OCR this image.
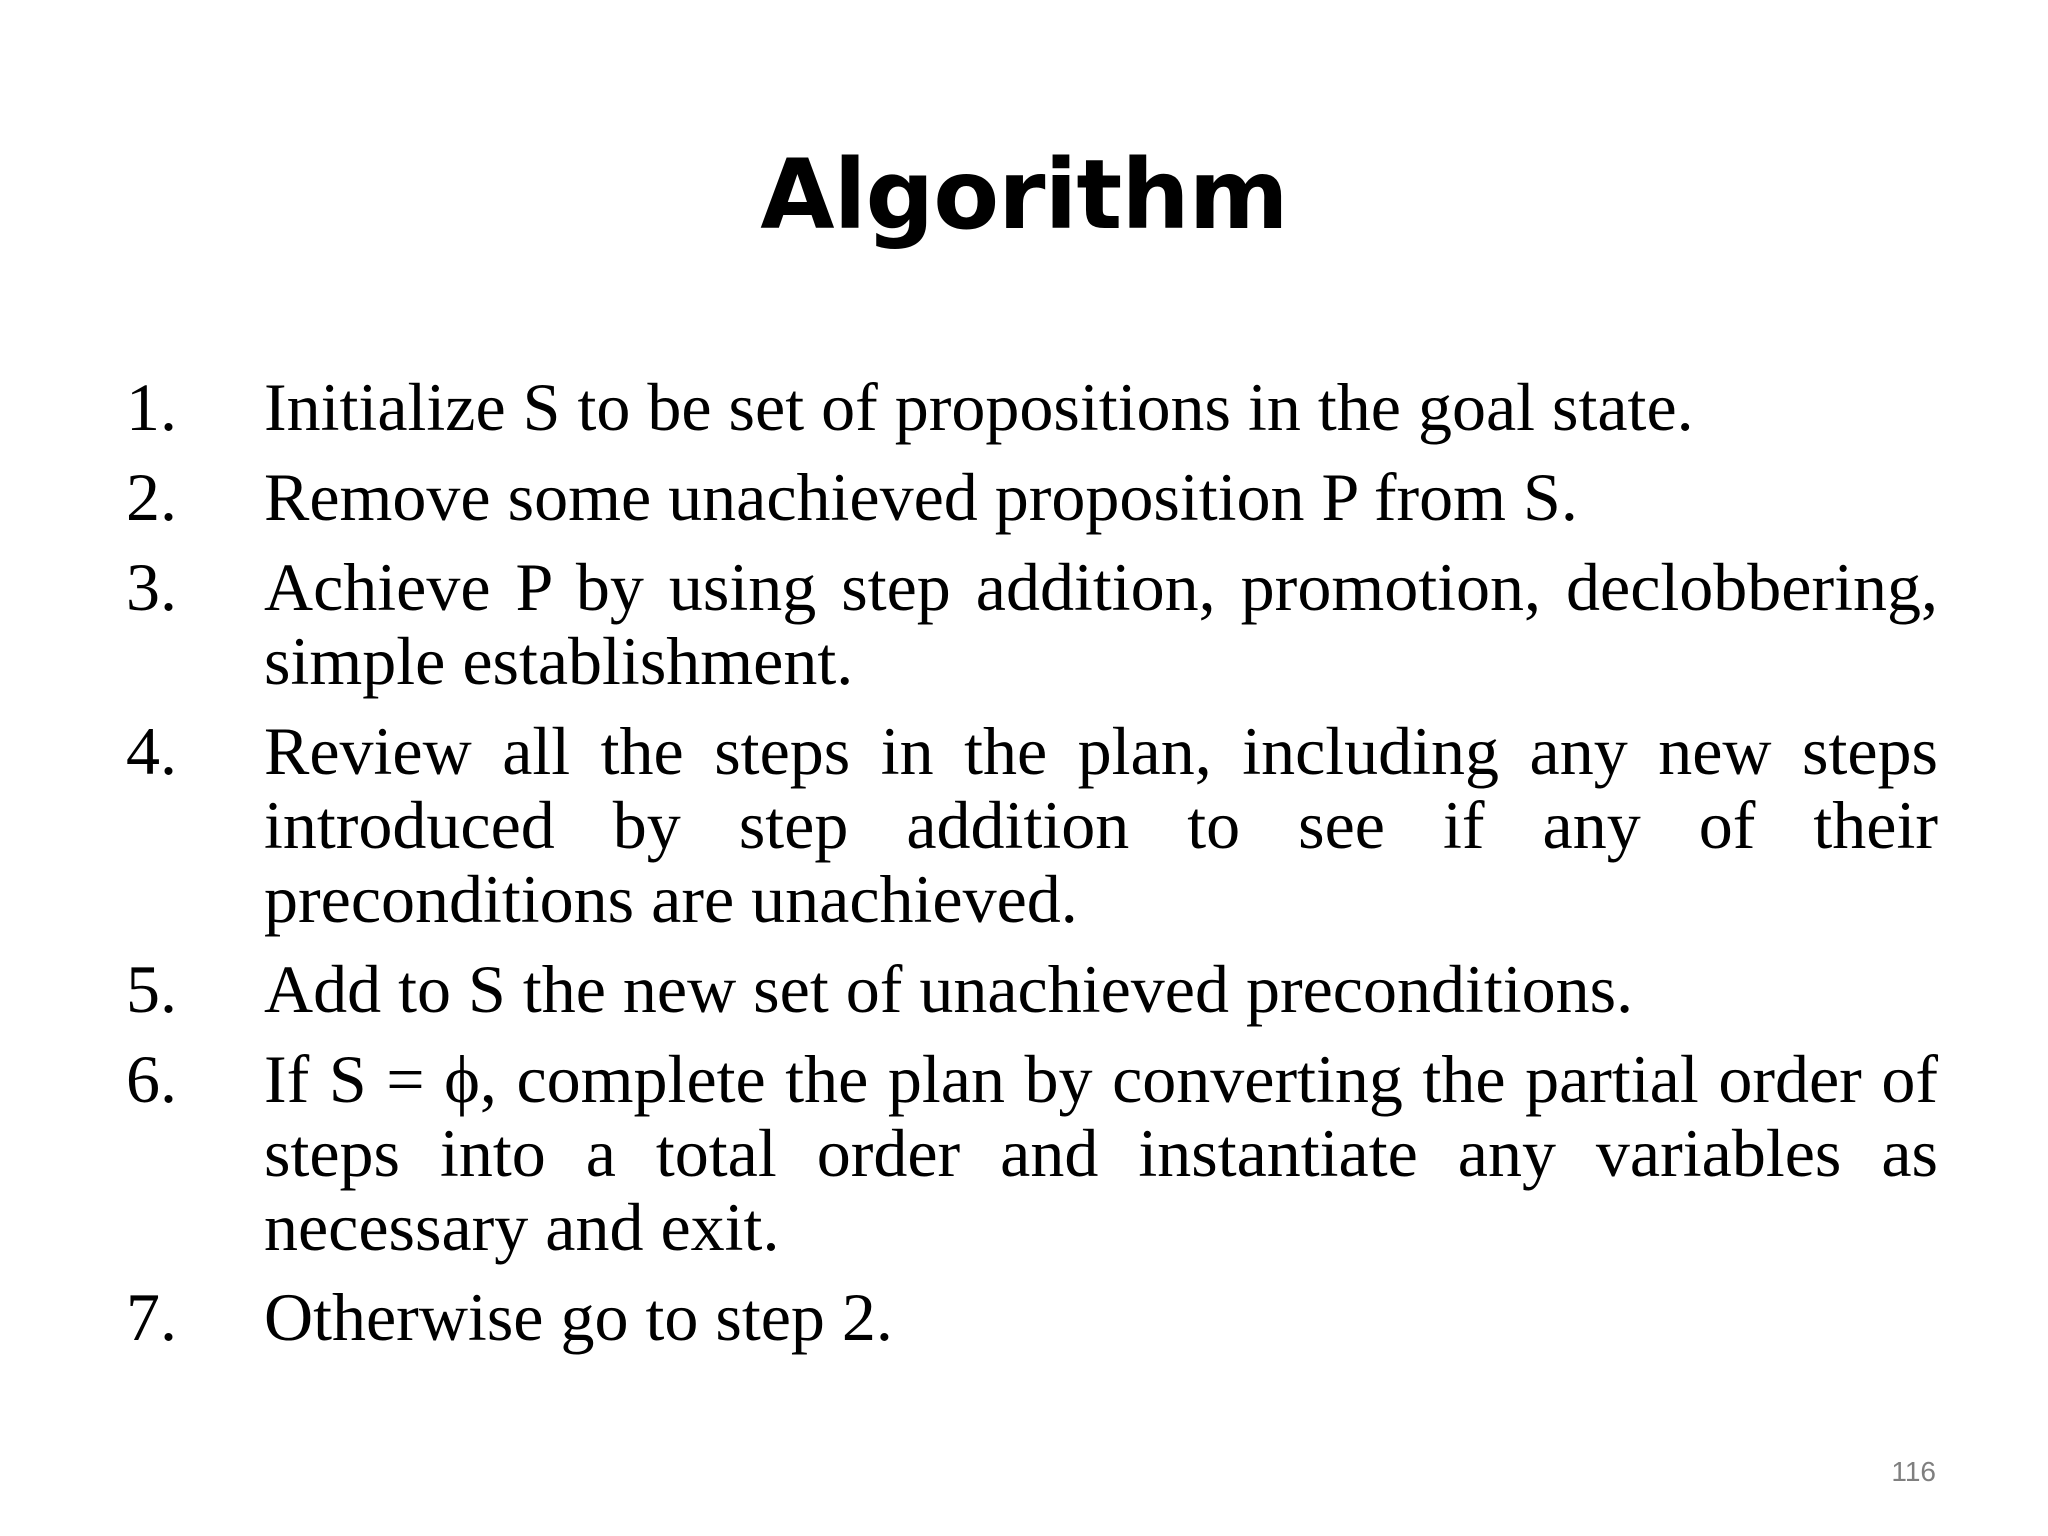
Algorithm
1.	Initialize S to be set of propositions in the goal state.
2.	Remove some unachieved proposition P from S.
3.	Achieve P by using step addition, promotion, declobbering, simple establishment.
4.	Review all the steps in the plan, including any new steps introduced by step addition to see if any of their preconditions are unachieved.
5.	Add to S the new set of unachieved preconditions.
6.	If S = ϕ, complete the plan by converting the partial order of steps into a total order and instantiate any variables as necessary and exit.
7.	Otherwise go to step 2.
116
